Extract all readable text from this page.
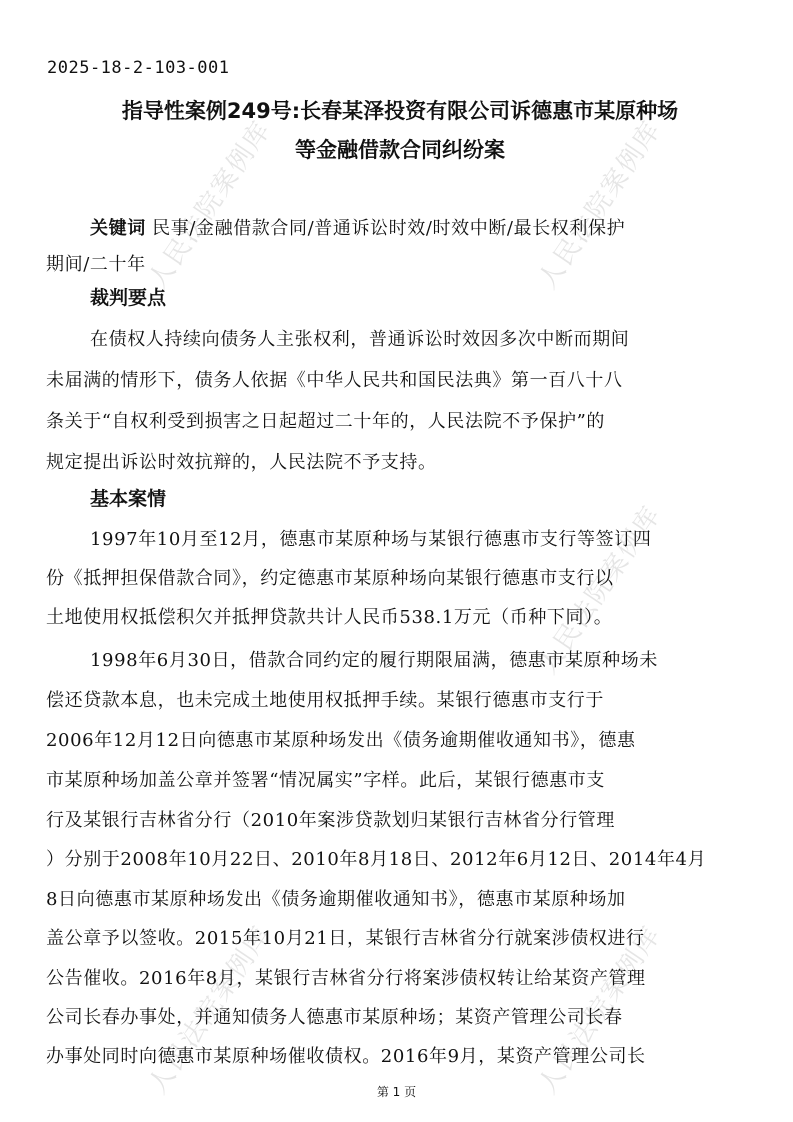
人民法院案例库	人民法院案例库
人民法院案例库
人民法院案例库	人民法院案例库
2025-18-2-103-001
指导性案例249号:长春某泽投资有限公司诉德惠市某原种场
等金融借款合同纠纷案
关键词 民事/金融借款合同/普通诉讼时效/时效中断/最长权利保护
期间/二十年
裁判要点
在债权人持续向债务人主张权利，普通诉讼时效因多次中断而期间
未届满的情形下，债务人依据《中华人民共和国民法典》第一百八十八
条关于“自权利受到损害之日起超过二十年的，人民法院不予保护”的
规定提出诉讼时效抗辩的，人民法院不予支持。
基本案情
1997年10月至12月，德惠市某原种场与某银行德惠市支行等签订四
份《抵押担保借款合同》，约定德惠市某原种场向某银行德惠市支行以
土地使用权抵偿积欠并抵押贷款共计人民币538.1万元（币种下同）。
1998年6月30日，借款合同约定的履行期限届满，德惠市某原种场未
偿还贷款本息，也未完成土地使用权抵押手续。某银行德惠市支行于
2006年12月12日向德惠市某原种场发出《债务逾期催收通知书》，德惠
市某原种场加盖公章并签署“情况属实”字样。此后，某银行德惠市支
行及某银行吉林省分行（2010年案涉贷款划归某银行吉林省分行管理
）分别于2008年10月22日、2010年8月18日、2012年6月12日、2014年4月
8日向德惠市某原种场发出《债务逾期催收通知书》，德惠市某原种场加
盖公章予以签收。2015年10月21日，某银行吉林省分行就案涉债权进行
公告催收。2016年8月，某银行吉林省分行将案涉债权转让给某资产管理
公司长春办事处，并通知债务人德惠市某原种场；某资产管理公司长春
办事处同时向德惠市某原种场催收债权。2016年9月，某资产管理公司长
第 1 页
